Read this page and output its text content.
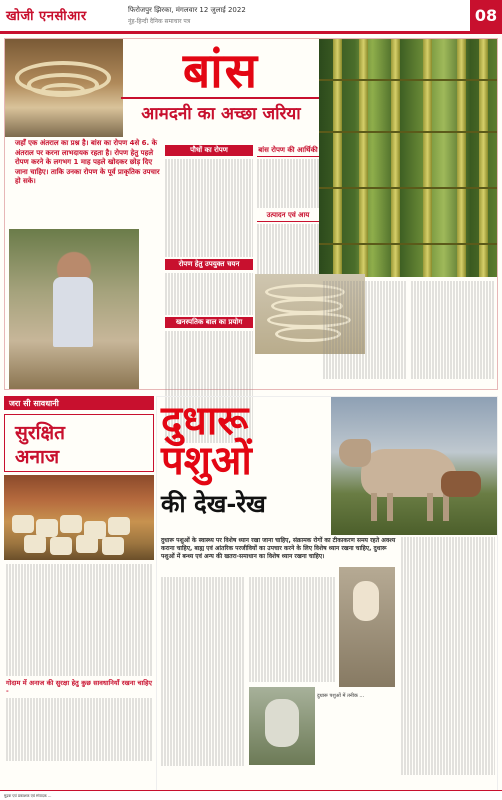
खोजी एनसीआर	फिरोजपुर झिरका, मंगलवार 12 जुलाई 2022
नूंह-हिन्दी दैनिक समाचार पत्र	08
बांस
आमदनी का अच्छा जरिया
जहाँ एक अंतराल का प्रश्न है। बांस का रोपण 4से 6. के अंतराल पर करना लाभदायक रहता है। रोपण हेतु पहले रोपण करने के लगभग 1 माह पहले खोदकर छोड़ दिए जाना चाहिए। ताकि उनका रोपण के पूर्व प्राकृतिक उपचार हो सके।
पौधों का रोपण
रोपण हेतु उपयुक्त चयन
खनस्पतिक बाल का प्रयोग
बांस रोपण की आर्थिकी
उत्पादन एवं आय
जरा सी सावधानी
सुरक्षित
अनाज
गोदाम में अनाज की सुरक्षा हेतु कुछ सावधानियाँ रखना चाहिए -
दुधारू
पशुओं
की देख-रेख
दुधारू पशुओं के स्वास्थ्य पर विशेष ध्यान रखा जाना चाहिए, संक्रामक रोगों का टीकाकरण समय रहते अवश्य कराना चाहिए, बाह्य एवं आंतरिक परजीवियों का उपचार करने के लिए विशेष ध्यान रखना चाहिए, दुधारू पशुओं में बन्ध्य एवं अन्य की खतरा-समाधान का विशेष ध्यान रखना चाहिए।
दुधारू पशुओं में तनीक ...
मुद्रक एवं प्रकाशक एवं संपादक ...
